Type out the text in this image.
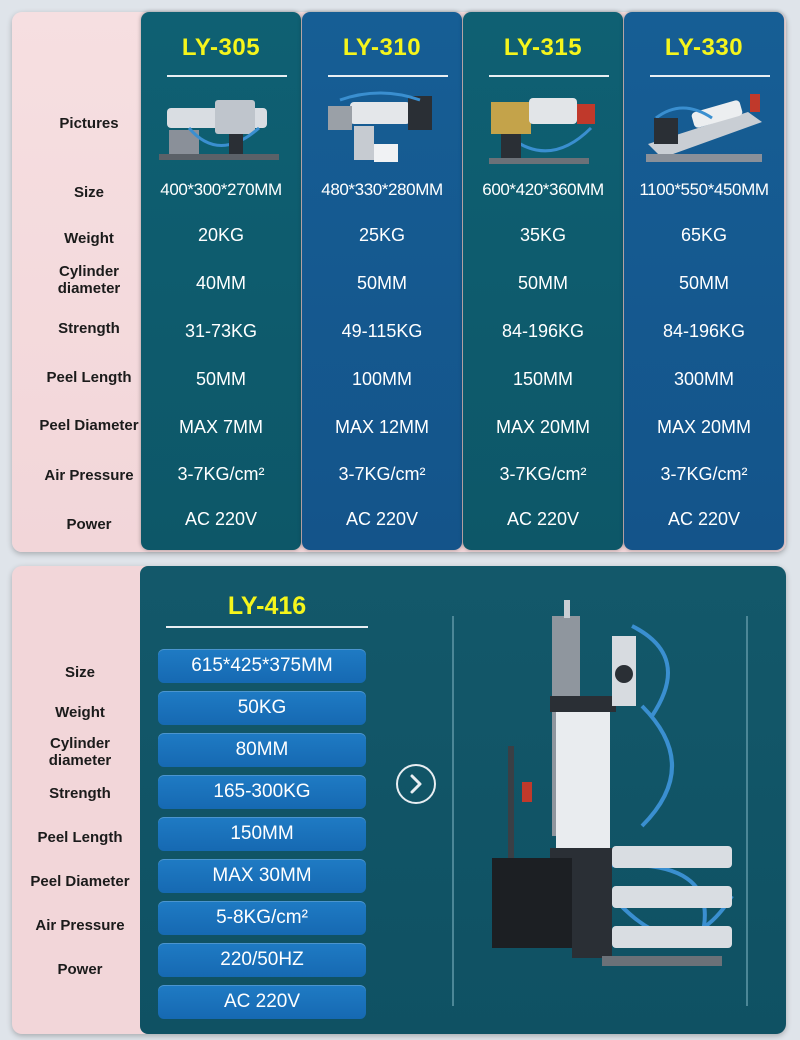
Pictures
Size
Weight
Cylinder
diameter
Strength
Peel Length
Peel Diameter
Air Pressure
Power
LY-305
400*300*270MM
20KG
40MM
31-73KG
50MM
MAX 7MM
3-7KG/cm²
AC 220V
LY-310
480*330*280MM
25KG
50MM
49-115KG
100MM
MAX 12MM
3-7KG/cm²
AC 220V
LY-315
600*420*360MM
35KG
50MM
84-196KG
150MM
MAX 20MM
3-7KG/cm²
AC 220V
LY-330
1100*550*450MM
65KG
50MM
84-196KG
300MM
MAX 20MM
3-7KG/cm²
AC 220V
Size
Weight
Cylinder
diameter
Strength
Peel Length
Peel Diameter
Air Pressure
Power
LY-416
615*425*375MM
50KG
80MM
165-300KG
150MM
MAX 30MM
5-8KG/cm²
220/50HZ
AC 220V
